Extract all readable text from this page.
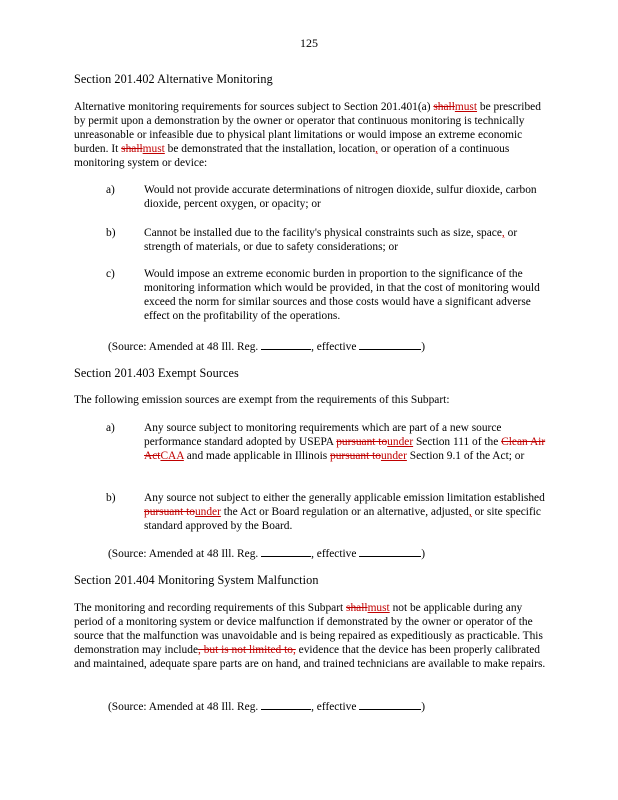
125
Section 201.402 Alternative Monitoring
Alternative monitoring requirements for sources subject to Section 201.401(a) shallmust be prescribed by permit upon a demonstration by the owner or operator that continuous monitoring is technically unreasonable or infeasible due to physical plant limitations or would impose an extreme economic burden. It shallmust be demonstrated that the installation, location, or operation of a continuous monitoring system or device:
a)	Would not provide accurate determinations of nitrogen dioxide, sulfur dioxide, carbon dioxide, percent oxygen, or opacity; or
b)	Cannot be installed due to the facility's physical constraints such as size, space, or strength of materials, or due to safety considerations; or
c)	Would impose an extreme economic burden in proportion to the significance of the monitoring information which would be provided, in that the cost of monitoring would exceed the norm for similar sources and those costs would have a significant adverse effect on the profitability of the operations.
(Source: Amended at 48 Ill. Reg.	, effective	)
Section 201.403 Exempt Sources
The following emission sources are exempt from the requirements of this Subpart:
a)	Any source subject to monitoring requirements which are part of a new source performance standard adopted by USEPA pursuant tounder Section 111 of the Clean Air ActCAA and made applicable in Illinois pursuant tounder Section 9.1 of the Act; or
b)	Any source not subject to either the generally applicable emission limitation established pursuant tounder the Act or Board regulation or an alternative, adjusted, or site specific standard approved by the Board.
(Source: Amended at 48 Ill. Reg.	, effective	)
Section 201.404 Monitoring System Malfunction
The monitoring and recording requirements of this Subpart shallmust not be applicable during any period of a monitoring system or device malfunction if demonstrated by the owner or operator of the source that the malfunction was unavoidable and is being repaired as expeditiously as practicable. This demonstration may include, but is not limited to, evidence that the device has been properly calibrated and maintained, adequate spare parts are on hand, and trained technicians are available to make repairs.
(Source: Amended at 48 Ill. Reg.	, effective	)
